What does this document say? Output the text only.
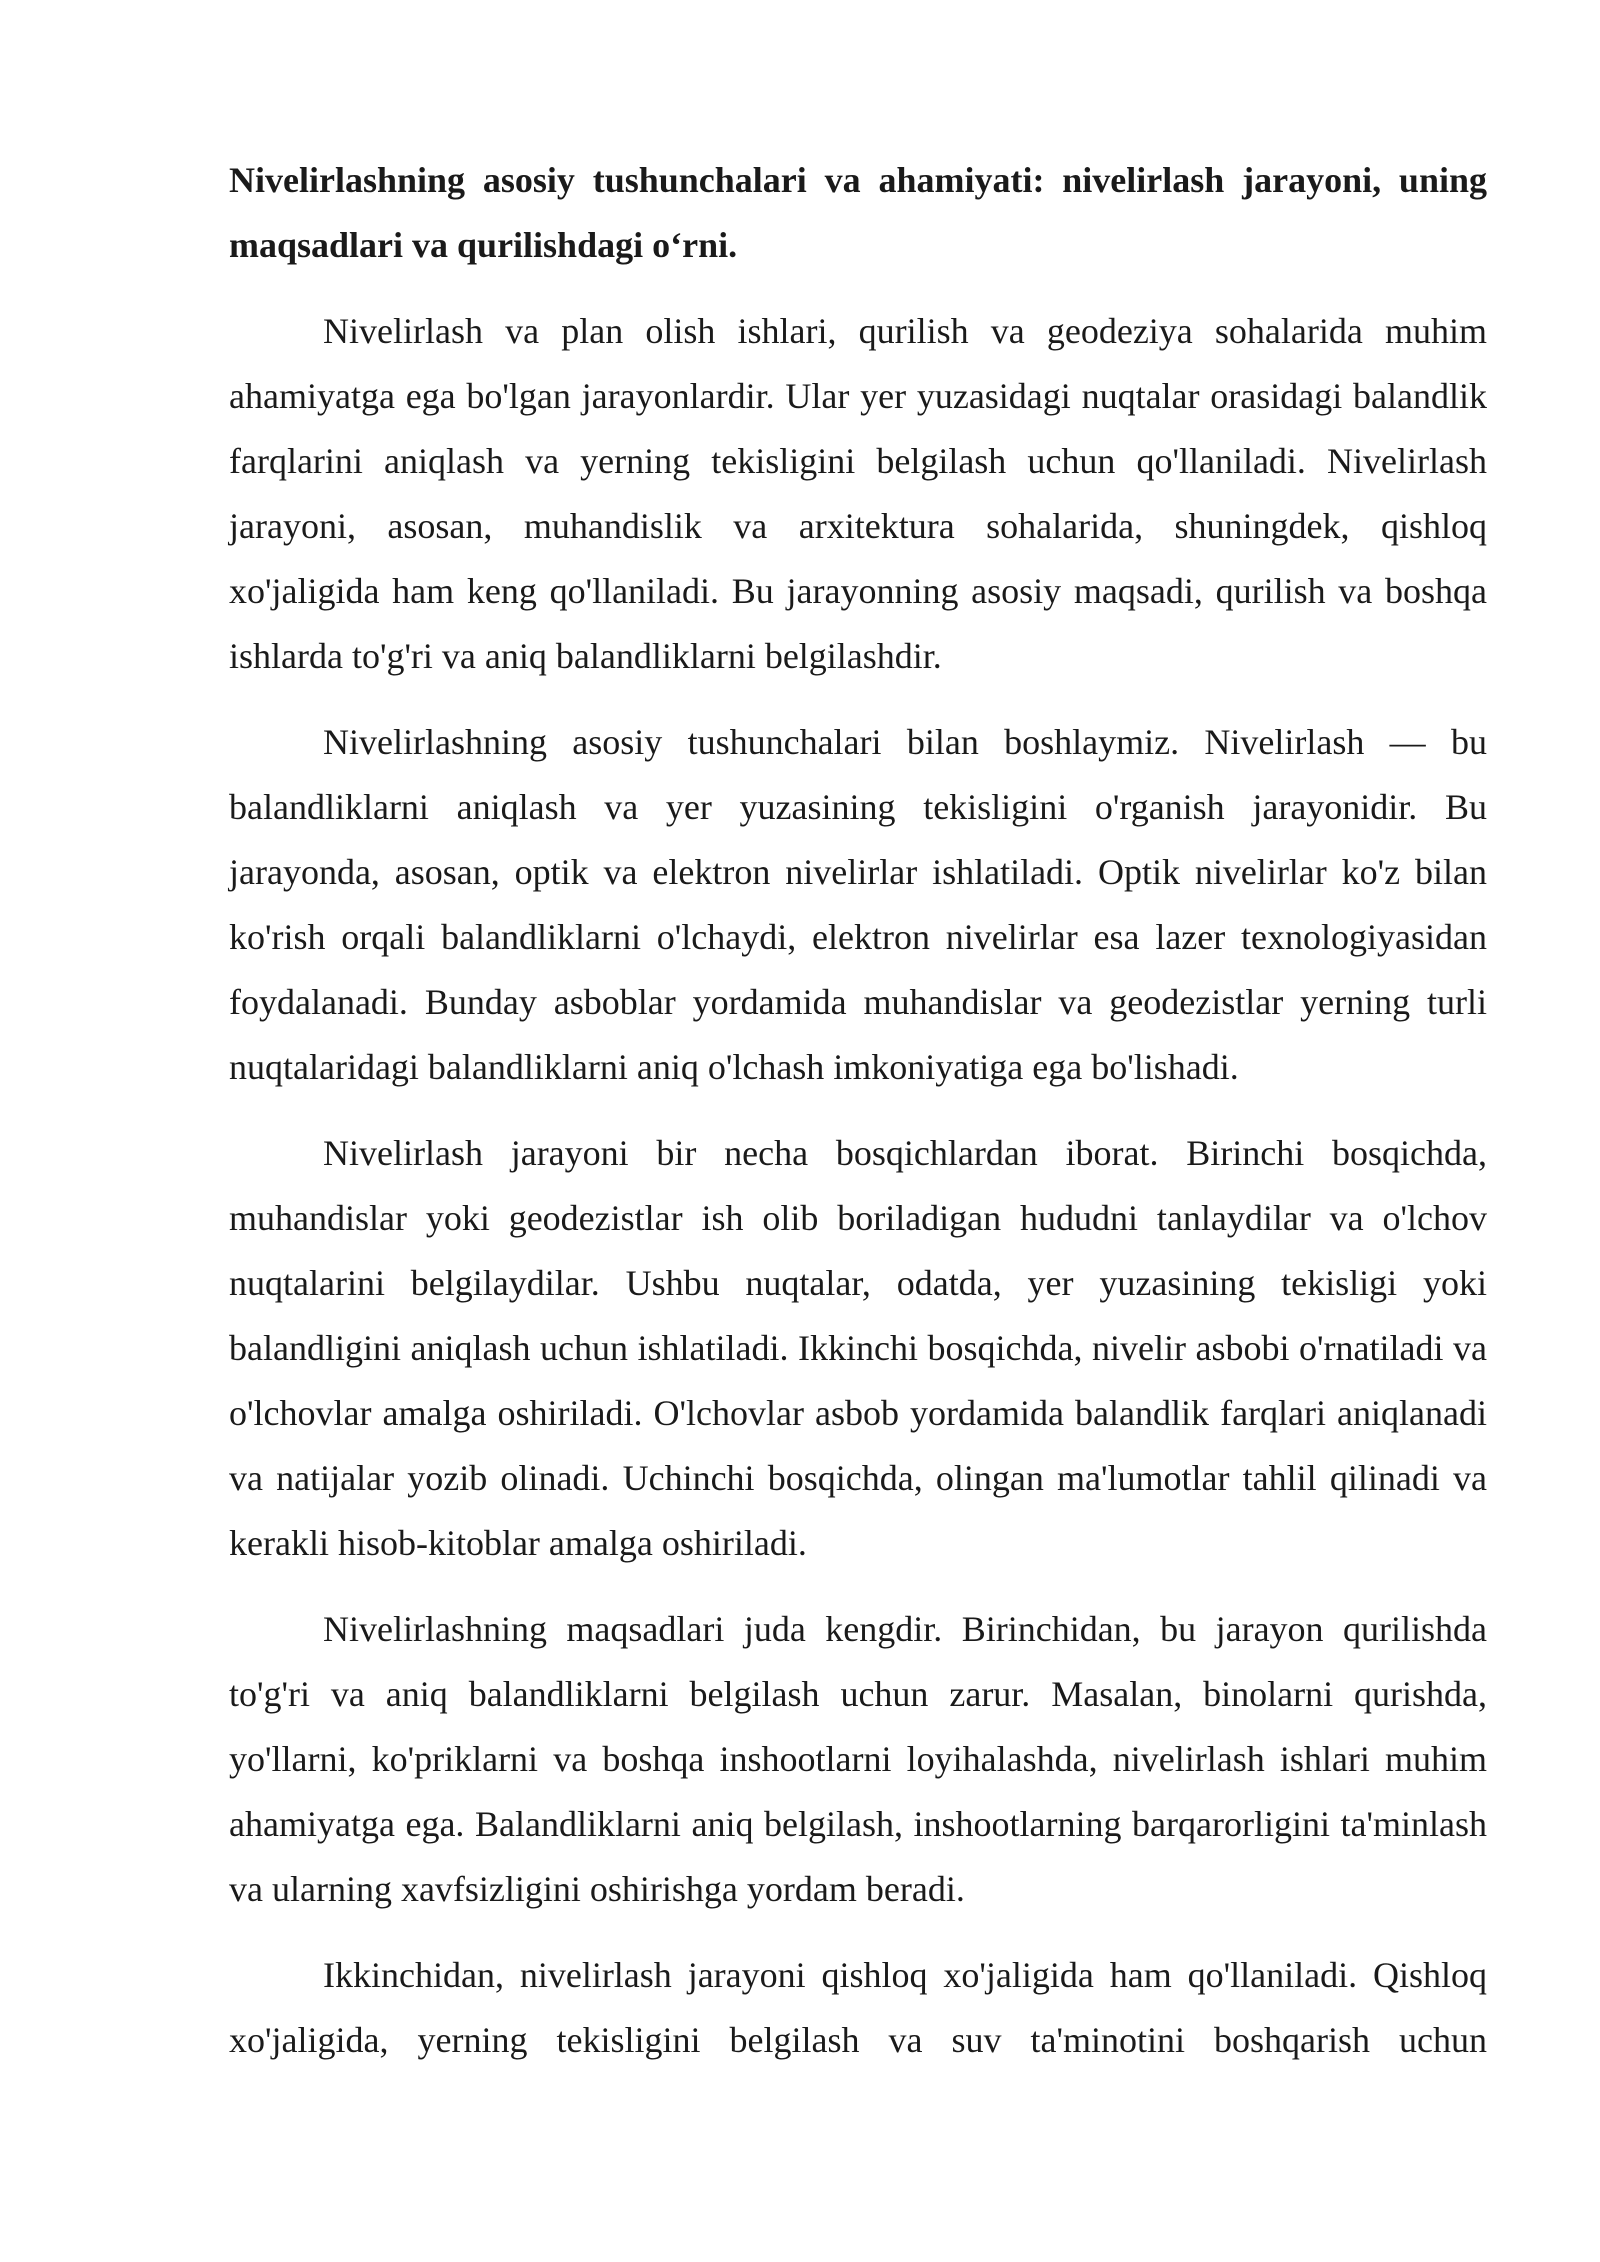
Nivelirlashning asosiy tushunchalari va ahamiyati: nivelirlash jarayoni, uning maqsadlari va qurilishdagi o‘rni.

Nivelirlash va plan olish ishlari, qurilish va geodeziya sohalarida muhim ahamiyatga ega bo'lgan jarayonlardir. Ular yer yuzasidagi nuqtalar orasidagi balandlik farqlarini aniqlash va yerning tekisligini belgilash uchun qo'llaniladi. Nivelirlash jarayoni, asosan, muhandislik va arxitektura sohalarida, shuningdek, qishloq xo'jaligida ham keng qo'llaniladi. Bu jarayonning asosiy maqsadi, qurilish va boshqa ishlarda to'g'ri va aniq balandliklarni belgilashdir.

Nivelirlashning asosiy tushunchalari bilan boshlaymiz. Nivelirlash — bu balandliklarni aniqlash va yer yuzasining tekisligini o'rganish jarayonidir. Bu jarayonda, asosan, optik va elektron nivelirlar ishlatiladi. Optik nivelirlar ko'z bilan ko'rish orqali balandliklarni o'lchaydi, elektron nivelirlar esa lazer texnologiyasidan foydalanadi. Bunday asboblar yordamida muhandislar va geodezistlar yerning turli nuqtalaridagi balandliklarni aniq o'lchash imkoniyatiga ega bo'lishadi.

Nivelirlash jarayoni bir necha bosqichlardan iborat. Birinchi bosqichda, muhandislar yoki geodezistlar ish olib boriladigan hududni tanlaydilar va o'lchov nuqtalarini belgilaydilar. Ushbu nuqtalar, odatda, yer yuzasining tekisligi yoki balandligini aniqlash uchun ishlatiladi. Ikkinchi bosqichda, nivelir asbobi o'rnatiladi va o'lchovlar amalga oshiriladi. O'lchovlar asbob yordamida balandlik farqlari aniqlanadi va natijalar yozib olinadi. Uchinchi bosqichda, olingan ma'lumotlar tahlil qilinadi va kerakli hisob-kitoblar amalga oshiriladi.

Nivelirlashning maqsadlari juda kengdir. Birinchidan, bu jarayon qurilishda to'g'ri va aniq balandliklarni belgilash uchun zarur. Masalan, binolarni qurishda, yo'llarni, ko'priklarni va boshqa inshootlarni loyihalashda, nivelirlash ishlari muhim ahamiyatga ega. Balandliklarni aniq belgilash, inshootlarning barqarorligini ta'minlash va ularning xavfsizligini oshirishga yordam beradi.

Ikkinchidan, nivelirlash jarayoni qishloq xo'jaligida ham qo'llaniladi. Qishloq xo'jaligida, yerning tekisligini belgilash va suv ta'minotini boshqarish uchun
